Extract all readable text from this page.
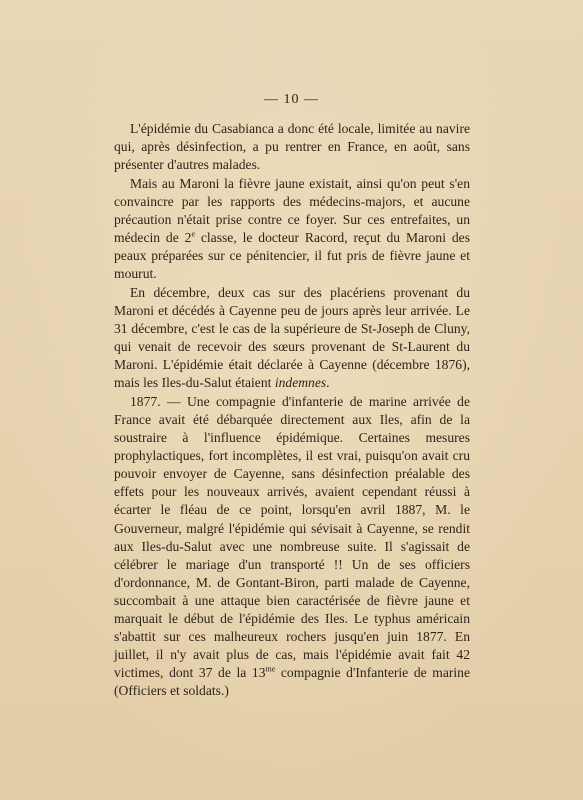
— 10 —

L'épidémie du Casabianca a donc été locale, limitée au navire qui, après désinfection, a pu rentrer en France, en août, sans présenter d'autres malades.

Mais au Maroni la fièvre jaune existait, ainsi qu'on peut s'en convaincre par les rapports des médecins-majors, et aucune précaution n'était prise contre ce foyer. Sur ces entrefaites, un médecin de 2e classe, le docteur Racord, reçut du Maroni des peaux préparées sur ce pénitencier, il fut pris de fièvre jaune et mourut.

En décembre, deux cas sur des placériens provenant du Maroni et décédés à Cayenne peu de jours après leur arrivée. Le 31 décembre, c'est le cas de la supérieure de St-Joseph de Cluny, qui venait de recevoir des sœurs provenant de St-Laurent du Maroni. L'épidémie était déclarée à Cayenne (décembre 1876), mais les Iles-du-Salut étaient indemnes.

1877. — Une compagnie d'infanterie de marine arrivée de France avait été débarquée directement aux Iles, afin de la soustraire à l'influence épidémique. Certaines mesures prophylactiques, fort incomplètes, il est vrai, puisqu'on avait cru pouvoir envoyer de Cayenne, sans désinfection préalable des effets pour les nouveaux arrivés, avaient cependant réussi à écarter le fléau de ce point, lorsqu'en avril 1887, M. le Gouverneur, malgré l'épidémie qui sévisait à Cayenne, se rendit aux Iles-du-Salut avec une nombreuse suite. Il s'agissait de célébrer le mariage d'un transporté !! Un de ses officiers d'ordonnance, M. de Gontant-Biron, parti malade de Cayenne, succombait à une attaque bien caractérisée de fièvre jaune et marquait le début de l'épidémie des Iles. Le typhus américain s'abattit sur ces malheureux rochers jusqu'en juin 1877. En juillet, il n'y avait plus de cas, mais l'épidémie avait fait 42 victimes, dont 37 de la $13^{me}$ compagnie d'Infanterie de marine (Officiers et soldats.)
